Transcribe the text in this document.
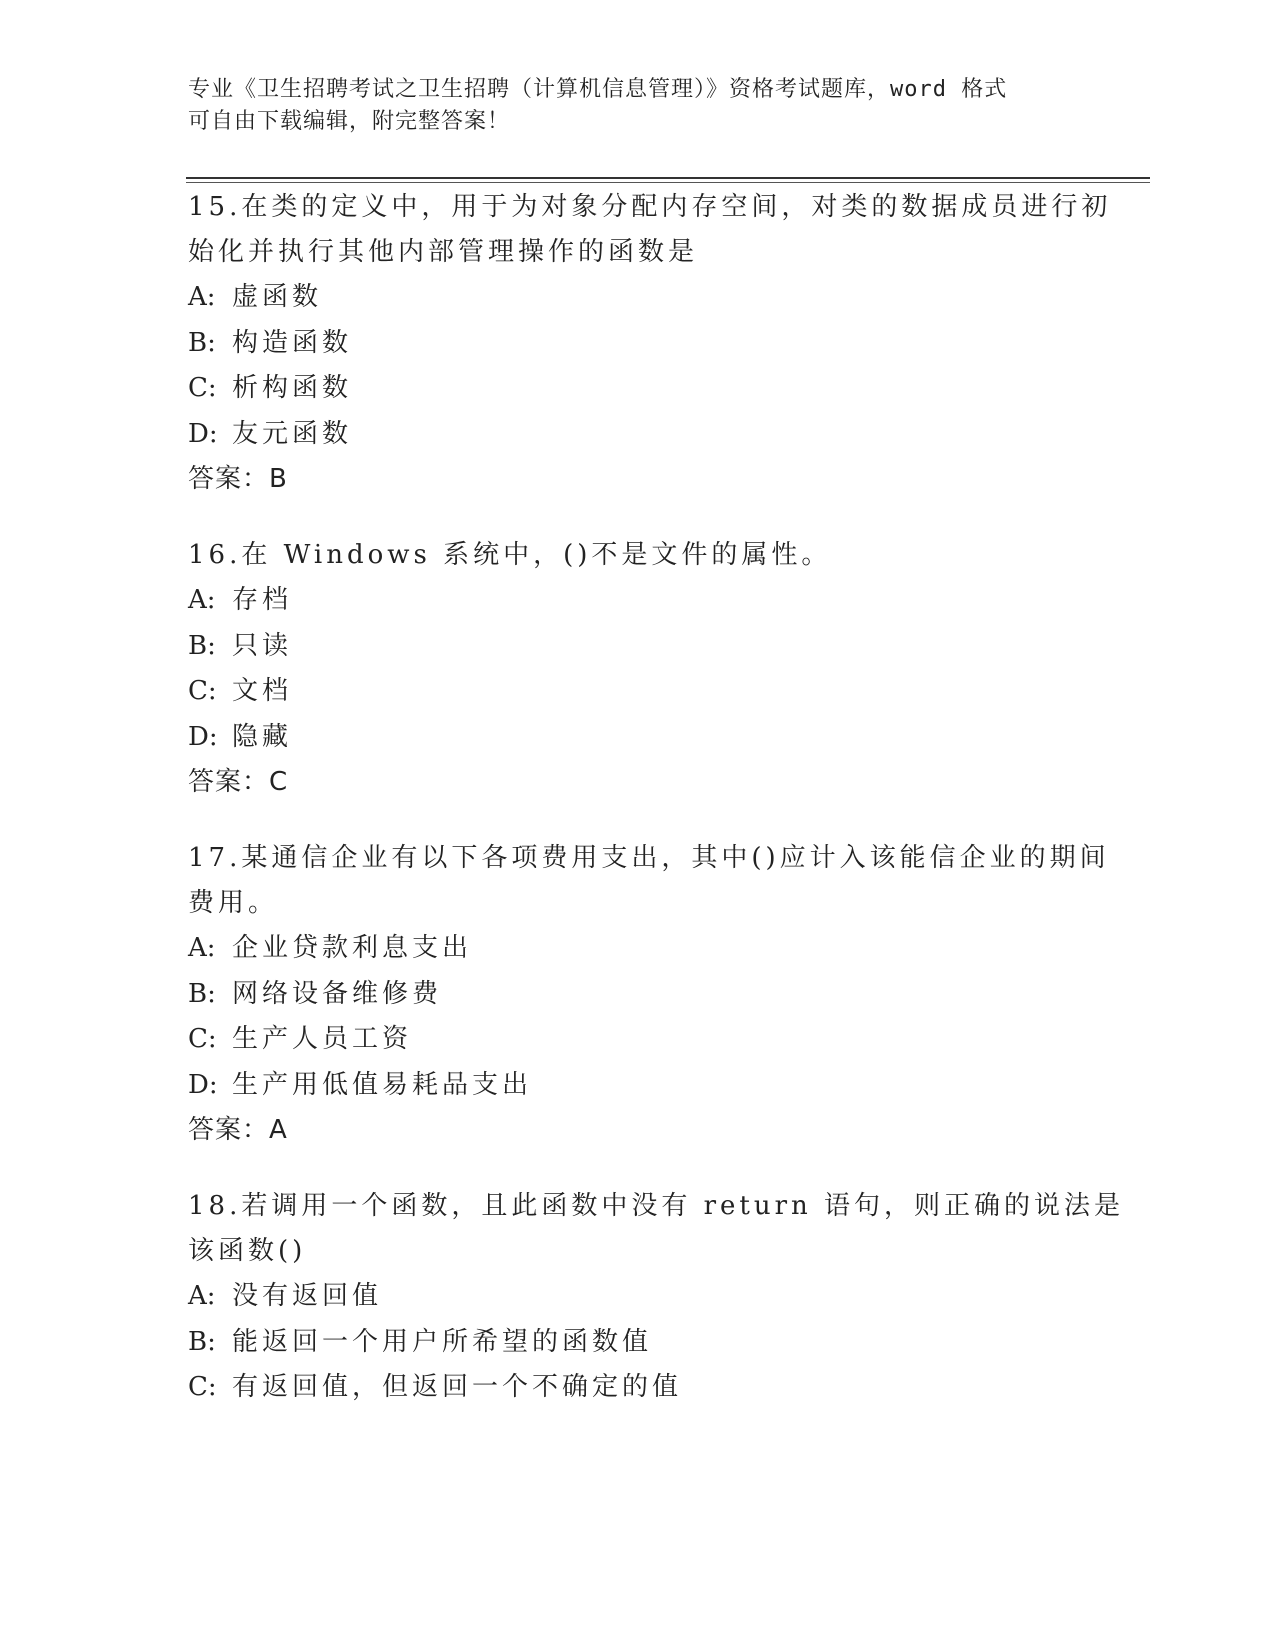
专业《卫生招聘考试之卫生招聘（计算机信息管理）》资格考试题库，word 格式
可自由下载编辑，附完整答案！
15.在类的定义中，用于为对象分配内存空间，对类的数据成员进行初
始化并执行其他内部管理操作的函数是
A: 虚函数
B: 构造函数
C: 析构函数
D: 友元函数
答案：B
16.在 Windows 系统中，()不是文件的属性。
A: 存档
B: 只读
C: 文档
D: 隐藏
答案：C
17.某通信企业有以下各项费用支出，其中()应计入该能信企业的期间
费用。
A: 企业贷款利息支出
B: 网络设备维修费
C: 生产人员工资
D: 生产用低值易耗品支出
答案：A
18.若调用一个函数，且此函数中没有 return 语句，则正确的说法是
该函数()
A: 没有返回值
B: 能返回一个用户所希望的函数值
C: 有返回值，但返回一个不确定的值
